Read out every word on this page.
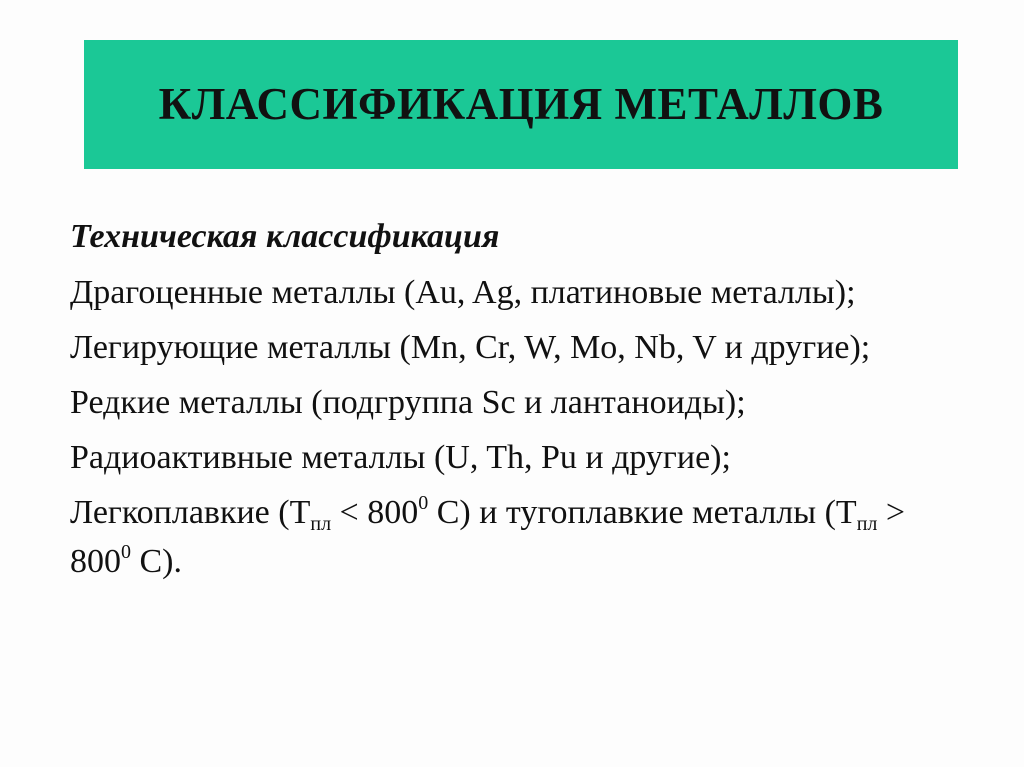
КЛАССИФИКАЦИЯ МЕТАЛЛОВ
Техническая классификация
Драгоценные металлы (Au, Ag, платиновые металлы);
Легирующие металлы (Mn, Cr, W, Mo, Nb, V и другие);
Редкие металлы (подгруппа Sc и лантаноиды);
Радиоактивные металлы (U, Th, Pu и другие);
Легкоплавкие ($Т_{пл} < 800^0$ С) и тугоплавкие металлы ($Т_{пл} > 800^0$ С).
